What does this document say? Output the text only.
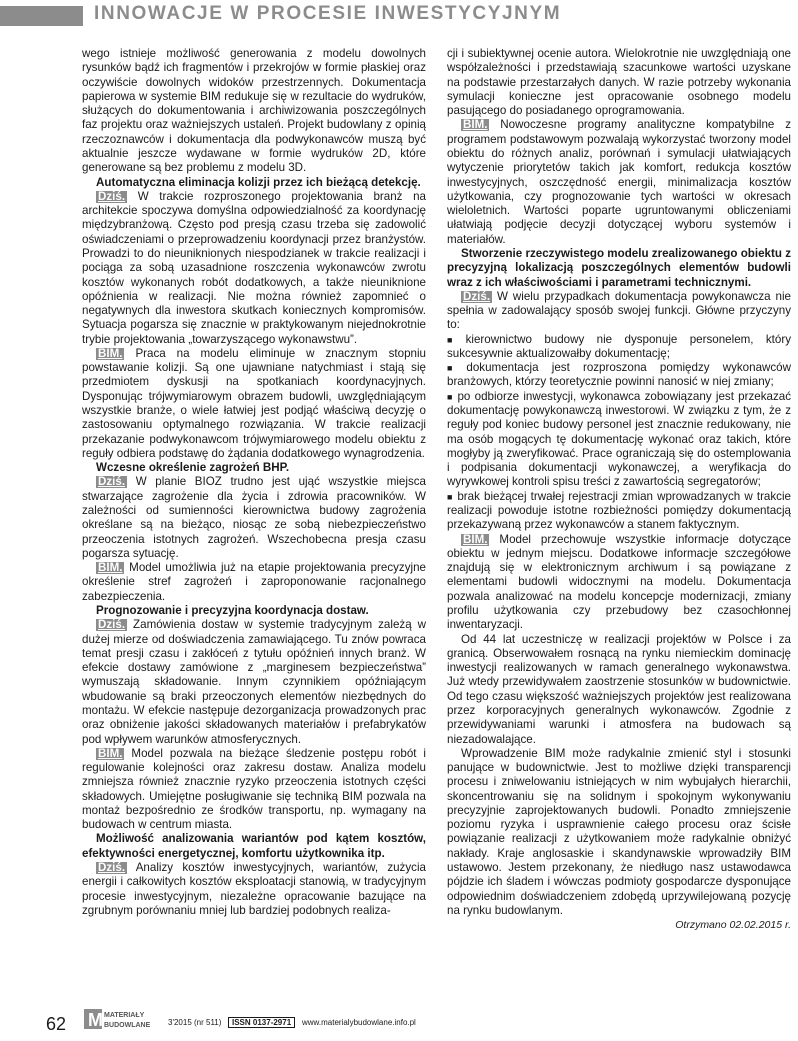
INNOWACJE W PROCESIE INWESTYCYJNYM

wego istnieje możliwość generowania z modelu dowolnych rysunków bądź ich fragmentów i przekrojów w formie płaskiej oraz oczywiście dowolnych widoków przestrzennych. Dokumentacja papierowa w systemie BIM redukuje się w rezultacie do wydruków, służących do dokumentowania i archiwizowania poszczególnych faz projektu oraz ważniejszych ustaleń. Projekt budowlany z opinią rzeczoznawców i dokumentacja dla podwykonawców muszą być aktualnie jeszcze wydawane w formie wydruków 2D, które generowane są bez problemu z modelu 3D.

Automatyczna eliminacja kolizji przez ich bieżącą detekcję.

Dziś. W trakcie rozproszonego projektowania branż na architekcie spoczywa domyślna odpowiedzialność za koordynację międzybranżową. Często pod presją czasu trzeba się zadowolić oświadczeniami o przeprowadzeniu koordynacji przez branżystów. Prowadzi to do nieuniknionych niespodzianek w trakcie realizacji i pociąga za sobą uzasadnione roszczenia wykonawców zwrotu kosztów wykonanych robót dodatkowych, a także nieuniknione opóźnienia w realizacji. Nie można również zapomnieć o negatywnych dla inwestora skutkach koniecznych kompromisów. Sytuacja pogarsza się znacznie w praktykowanym niejednokrotnie trybie projektowania „towarzyszącego wykonawstwu”.

BIM. Praca na modelu eliminuje w znacznym stopniu powstawanie kolizji. Są one ujawniane natychmiast i stają się przedmiotem dyskusji na spotkaniach koordynacyjnych. Dysponując trójwymiarowym obrazem budowli, uwzględniającym wszystkie branże, o wiele łatwiej jest podjąć właściwą decyzję o zastosowaniu optymalnego rozwiązania. W trakcie realizacji przekazanie podwykonawcom trójwymiarowego modelu obiektu z reguły odbiera podstawę do żądania dodatkowego wynagrodzenia.

Wczesne określenie zagrożeń BHP.

Dziś. W planie BIOZ trudno jest ująć wszystkie miejsca stwarzające zagrożenie dla życia i zdrowia pracowników. W zależności od sumienności kierownictwa budowy zagrożenia określane są na bieżąco, niosąc ze sobą niebezpieczeństwo przeoczenia istotnych zagrożeń. Wszechobecna presja czasu pogarsza sytuację.

BIM. Model umożliwia już na etapie projektowania precyzyjne określenie stref zagrożeń i zaproponowanie racjonalnego zabezpieczenia.

Prognozowanie i precyzyjna koordynacja dostaw.

Dziś. Zamówienia dostaw w systemie tradycyjnym zależą w dużej mierze od doświadczenia zamawiającego. Tu znów powraca temat presji czasu i zakłóceń z tytułu opóźnień innych branż. W efekcie dostawy zamówione z „marginesem bezpieczeństwa” wymuszają składowanie. Innym czynnikiem opóźniającym wbudowanie są braki przeoczonych elementów niezbędnych do montażu. W efekcie następuje dezorganizacja prowadzonych prac oraz obniżenie jakości składowanych materiałów i prefabrykatów pod wpływem warunków atmosferycznych.

BIM. Model pozwala na bieżące śledzenie postępu robót i regulowanie kolejności oraz zakresu dostaw. Analiza modelu zmniejsza również znacznie ryzyko przeoczenia istotnych części składowych. Umiejętne posługiwanie się techniką BIM pozwala na montaż bezpośrednio ze środków transportu, np. wymagany na budowach w centrum miasta.

Możliwość analizowania wariantów pod kątem kosztów, efektywności energetycznej, komfortu użytkownika itp.

Dziś. Analizy kosztów inwestycyjnych, wariantów, zużycia energii i całkowitych kosztów eksploatacji stanowią, w tradycyjnym procesie inwestycyjnym, niezależne opracowanie bazujące na zgrubnym porównaniu mniej lub bardziej podobnych realiza-

cji i subiektywnej ocenie autora. Wielokrotnie nie uwzględniają one współzależności i przedstawiają szacunkowe wartości uzyskane na podstawie przestarzałych danych. W razie potrzeby wykonania symulacji konieczne jest opracowanie osobnego modelu pasującego do posiadanego oprogramowania.

BIM. Nowoczesne programy analityczne kompatybilne z programem podstawowym pozwalają wykorzystać tworzony model obiektu do różnych analiz, porównań i symulacji ułatwiających wytyczenie priorytetów takich jak komfort, redukcja kosztów inwestycyjnych, oszczędność energii, minimalizacja kosztów użytkowania, czy prognozowanie tych wartości w okresach wieloletnich. Wartości poparte ugruntowanymi obliczeniami ułatwiają podjęcie decyzji dotyczącej wyboru systemów i materiałów.

Stworzenie rzeczywistego modelu zrealizowanego obiektu z precyzyjną lokalizacją poszczególnych elementów budowli wraz z ich właściwościami i parametrami technicznymi.

Dziś. W wielu przypadkach dokumentacja powykonawcza nie spełnia w zadowalający sposób swojej funkcji. Główne przyczyny to:

■ kierownictwo budowy nie dysponuje personelem, który sukcesywnie aktualizowałby dokumentację;

■ dokumentacja jest rozproszona pomiędzy wykonawców branżowych, którzy teoretycznie powinni nanosić w niej zmiany;

■ po odbiorze inwestycji, wykonawca zobowiązany jest przekazać dokumentację powykonawczą inwestorowi. W związku z tym, że z reguły pod koniec budowy personel jest znacznie redukowany, nie ma osób mogących tę dokumentację wykonać oraz takich, które mogłyby ją zweryfikować. Prace ograniczają się do ostemplowania i podpisania dokumentacji wykonawczej, a weryfikacja do wyrywkowej kontroli spisu treści z zawartością segregatorów;

■ brak bieżącej trwałej rejestracji zmian wprowadzanych w trakcie realizacji powoduje istotne rozbieżności pomiędzy dokumentacją przekazywaną przez wykonawców a stanem faktycznym.

BIM. Model przechowuje wszystkie informacje dotyczące obiektu w jednym miejscu. Dodatkowe informacje szczegółowe znajdują się w elektronicznym archiwum i są powiązane z elementami budowli widocznymi na modelu. Dokumentacja pozwala analizować na modelu koncepcje modernizacji, zmiany profilu użytkowania czy przebudowy bez czasochłonnej inwentaryzacji.

Od 44 lat uczestniczę w realizacji projektów w Polsce i za granicą. Obserwowałem rosnącą na rynku niemieckim dominację inwestycji realizowanych w ramach generalnego wykonawstwa. Już wtedy przewidywałem zaostrzenie stosunków w budownictwie. Od tego czasu większość ważniejszych projektów jest realizowana przez korporacyjnych generalnych wykonawców. Zgodnie z przewidywaniami warunki i atmosfera na budowach są niezadowalające.

Wprowadzenie BIM może radykalnie zmienić styl i stosunki panujące w budownictwie. Jest to możliwe dzięki transparencji procesu i zniwelowaniu istniejących w nim wybujałych hierarchii, skoncentrowaniu się na solidnym i spokojnym wykonywaniu precyzyjnie zaprojektowanych budowli. Ponadto zmniejszenie poziomu ryzyka i usprawnienie całego procesu oraz ścisłe powiązanie realizacji z użytkowaniem może radykalnie obniżyć nakłady. Kraje anglosaskie i skandynawskie wprowadziły BIM ustawowo. Jestem przekonany, że niedługo nasz ustawodawca pójdzie ich śladem i wówczas podmioty gospodarcze dysponujące odpowiednim doświadczeniem zdobędą uprzywilejowaną pozycję na rynku budowlanym.

Otrzymano 02.02.2015 r.

62 M MATERIAŁY
BUDOWLANE 3'2015 (nr 511)	ISSN 0137-2971	www.materialybudowlane.info.pl
